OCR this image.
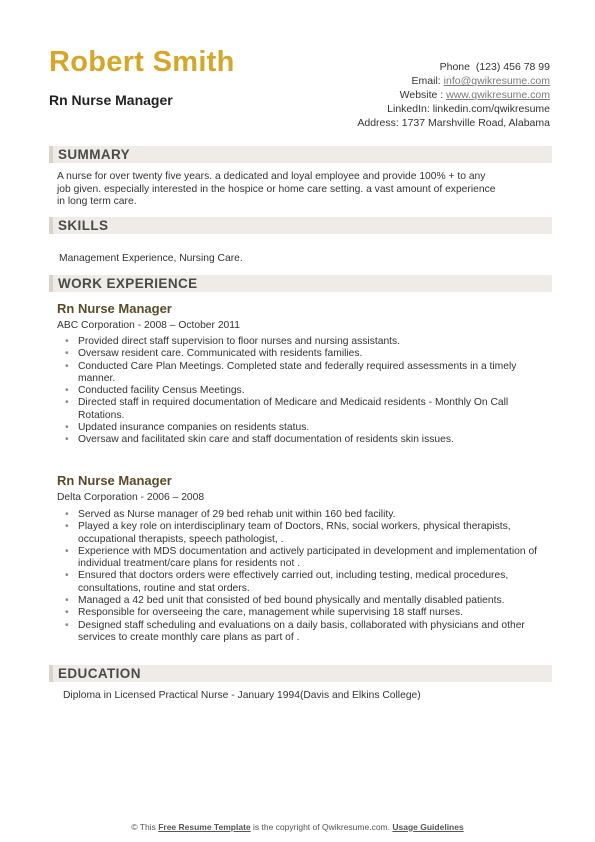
Robert Smith
Rn Nurse Manager
Phone (123) 456 78 99
Email: info@qwikresume.com
Website : www.qwikresume.com
LinkedIn: linkedin.com/qwikresume
Address: 1737 Marshville Road, Alabama
SUMMARY
A nurse for over twenty five years. a dedicated and loyal employee and provide 100% + to any
job given. especially interested in the hospice or home care setting. a vast amount of experience
in long term care.
SKILLS
Management Experience, Nursing Care.
WORK EXPERIENCE
Rn Nurse Manager
ABC Corporation - 2008 – October 2011
• Provided direct staff supervision to floor nurses and nursing assistants.
• Oversaw resident care. Communicated with residents families.
• Conducted Care Plan Meetings. Completed state and federally required assessments in a timely manner.
• Conducted facility Census Meetings.
• Directed staff in required documentation of Medicare and Medicaid residents - Monthly On Call Rotations.
• Updated insurance companies on residents status.
• Oversaw and facilitated skin care and staff documentation of residents skin issues.
Rn Nurse Manager
Delta Corporation - 2006 – 2008
• Served as Nurse manager of 29 bed rehab unit within 160 bed facility.
• Played a key role on interdisciplinary team of Doctors, RNs, social workers, physical therapists, occupational therapists, speech pathologist, .
• Experience with MDS documentation and actively participated in development and implementation of individual treatment/care plans for residents not .
• Ensured that doctors orders were effectively carried out, including testing, medical procedures, consultations, routine and stat orders.
• Managed a 42 bed unit that consisted of bed bound physically and mentally disabled patients.
• Responsible for overseeing the care, management while supervising 18 staff nurses.
• Designed staff scheduling and evaluations on a daily basis, collaborated with physicians and other services to create monthly care plans as part of .
EDUCATION
Diploma in Licensed Practical Nurse - January 1994(Davis and Elkins College)
© This Free Resume Template is the copyright of Qwikresume.com. Usage Guidelines
